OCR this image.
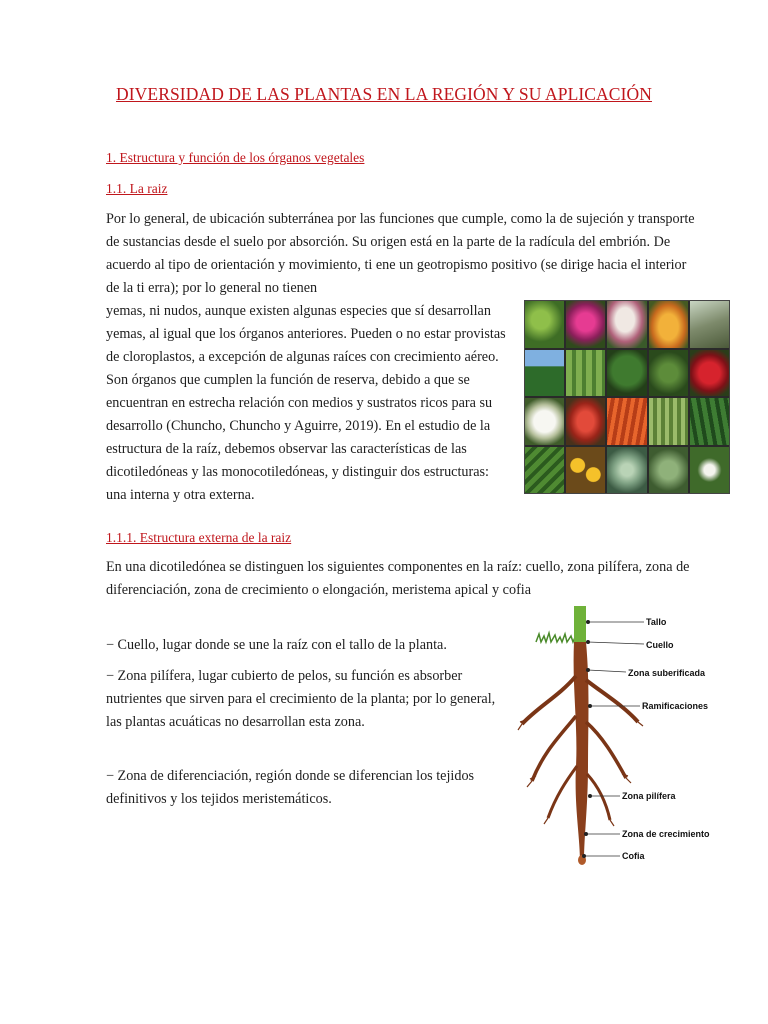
DIVERSIDAD DE LAS PLANTAS EN LA REGIÓN Y SU APLICACIÓN
1. Estructura y función de los órganos vegetales
1.1. La raiz

Por lo general, de ubicación subterránea por las funciones que cumple, como la de sujeción y transporte de sustancias desde el suelo por absorción. Su origen está en la parte de la radícula del embrión. De acuerdo al tipo de orientación y movimiento, ti ene un geotropismo positivo (se dirige hacia el interior de la ti erra); por lo general no tienen

yemas, ni nudos, aunque existen algunas especies que sí desarrollan yemas, al igual que los órganos anteriores. Pueden o no estar provistas de cloroplastos, a excepción de algunas raíces con crecimiento aéreo. Son órganos que cumplen la función de reserva, debido a que se encuentran en estrecha relación con medios y sustratos ricos para su desarrollo (Chuncho, Chuncho y Aguirre, 2019). En el estudio de la estructura de la raíz, debemos observar las características de las dicotiledóneas y las monocotiledóneas, y distinguir dos estructuras: una interna y otra externa.

1.1.1. Estructura externa de la raiz

En una dicotiledónea se distinguen los siguientes componentes en la raíz: cuello, zona pilífera, zona de diferenciación, zona de crecimiento o elongación, meristema apical y cofia

− Cuello, lugar donde se une la raíz con el tallo de la planta.

− Zona pilífera, lugar cubierto de pelos, su función es absorber nutrientes que sirven para el crecimiento de la planta; por lo general, las plantas acuáticas no desarrollan esta zona.

− Zona de diferenciación, región donde se diferencian los tejidos definitivos y los tejidos meristemáticos.

Tallo
Cuello
Zona suberificada
Ramificaciones
Zona pilífera
Zona de crecimiento
Cofia
